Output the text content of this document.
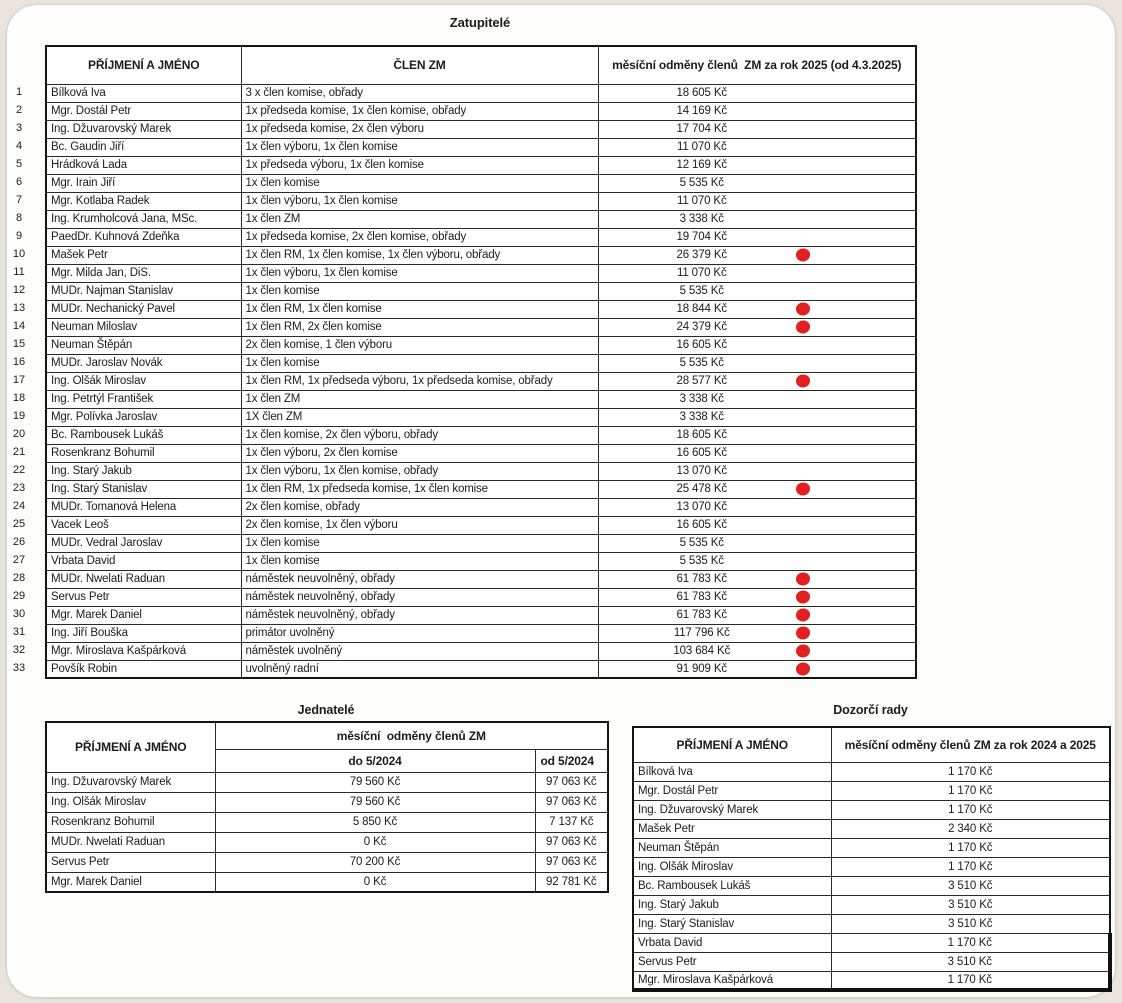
Zatupitelé
1
2
3
4
5
6
7
8
9
10
11
12
13
14
15
16
17
18
19
20
21
22
23
24
25
26
27
28
29
30
31
32
33
PŘÍJMENÍ A JMÉNO	ČLEN ZM	měsíční odměny členů  ZM za rok 2025 (od 4.3.2025)
Bílková Iva	3 x člen komise, obřady	18 605 Kč
Mgr. Dostál Petr	1x předseda komise, 1x člen komise, obřady	14 169 Kč
Ing. Džuvarovský Marek	1x předseda komise, 2x člen výboru	17 704 Kč
Bc. Gaudin Jiří	1x člen výboru, 1x člen komise	11 070 Kč
Hrádková Lada	1x předseda výboru, 1x člen komise	12 169 Kč
Mgr. Irain Jiří	1x člen komise	5 535 Kč
Mgr. Kotlaba Radek	1x člen výboru, 1x člen komise	11 070 Kč
Ing. Krumholcová Jana, MSc.	1x člen ZM	3 338 Kč
PaedDr. Kuhnová Zdeňka	1x předseda komise, 2x člen komise, obřady	19 704 Kč
Mašek Petr	1x člen RM, 1x člen komise, 1x člen výboru, obřady	26 379 Kč

Mgr. Milda Jan, DiS.	1x člen výboru, 1x člen komise	11 070 Kč
MUDr. Najman Stanislav	1x člen komise	5 535 Kč
MUDr. Nechanický Pavel	1x člen RM, 1x člen komise	18 844 Kč

Neuman Miloslav	1x člen RM, 2x člen komise	24 379 Kč

Neuman Štěpán	2x člen komise, 1 člen výboru	16 605 Kč
MUDr. Jaroslav Novák	1x člen komise	5 535 Kč
Ing. Olšák Miroslav	1x člen RM, 1x předseda výboru, 1x předseda komise, obřady	28 577 Kč

Ing. Petrtýl František	1x člen ZM	3 338 Kč
Mgr. Polívka Jaroslav	1X člen ZM	3 338 Kč
Bc. Rambousek Lukáš	1x člen komise, 2x člen výboru, obřady	18 605 Kč
Rosenkranz Bohumil	1x člen výboru, 2x člen komise	16 605 Kč
Ing. Starý Jakub	1x člen výboru, 1x člen komise, obřady	13 070 Kč
Ing. Starý Stanislav	1x člen RM, 1x předseda komise, 1x člen komise	25 478 Kč

MUDr. Tomanová Helena	2x člen komise, obřady	13 070 Kč
Vacek Leoš	2x člen komise, 1x člen výboru	16 605 Kč
MUDr. Vedral Jaroslav	1x člen komise	5 535 Kč
Vrbata David	1x člen komise	5 535 Kč
MUDr. Nwelati Raduan	náměstek neuvolněný, obřady	61 783 Kč

Servus Petr	náměstek neuvolněný, obřady	61 783 Kč

Mgr. Marek Daniel	náměstek neuvolněný, obřady	61 783 Kč

Ing. Jiří Bouška	primátor uvolněný	117 796 Kč

Mgr. Miroslava Kašpárková	náměstek uvolněný	103 684 Kč

Povšík Robin	uvolněný radní	91 909 Kč
Jednatelé
PŘÍJMENÍ A JMÉNO	měsíční  odměny členů ZM	
	do 5/2024	od 5/2024
Ing. Džuvarovský Marek	79 560 Kč	97 063 Kč
Ing. Olšák Miroslav	79 560 Kč	97 063 Kč
Rosenkranz Bohumil	5 850 Kč	7 137 Kč
MUDr. Nwelati Raduan	0 Kč	97 063 Kč
Servus Petr	70 200 Kč	97 063 Kč
Mgr. Marek Daniel	0 Kč	92 781 Kč
Dozorčí rady
PŘÍJMENÍ A JMÉNO	měsíční odměny členů ZM za rok 2024 a 2025
Bílková Iva	1 170 Kč
Mgr. Dostál Petr	1 170 Kč
Ing. Džuvarovský Marek	1 170 Kč
Mašek Petr	2 340 Kč
Neuman Štěpán	1 170 Kč
Ing. Olšák Miroslav	1 170 Kč
Bc. Rambousek Lukáš	3 510 Kč
Ing. Starý Jakub	3 510 Kč
Ing. Starý Stanislav	3 510 Kč
Vrbata David	1 170 Kč
Servus Petr	3 510 Kč
Mgr. Miroslava Kašpárková	1 170 Kč
